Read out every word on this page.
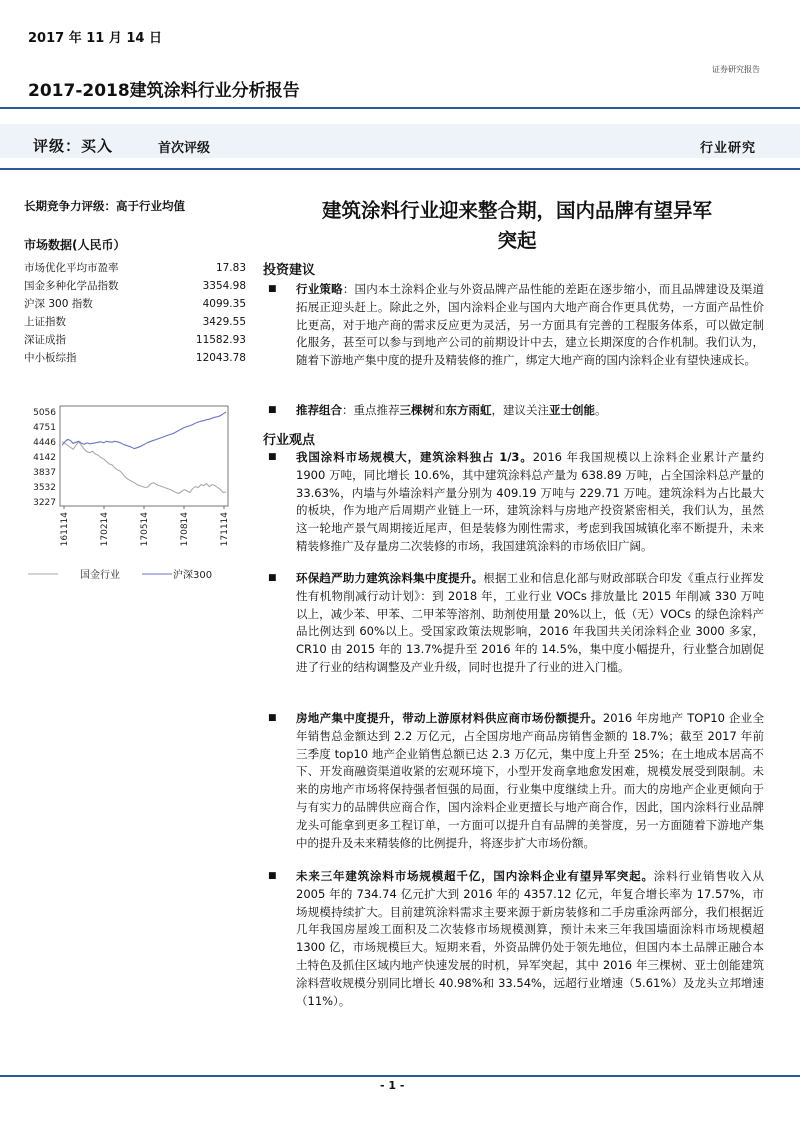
2017 年 11 月 14 日
证券研究报告
2017-2018建筑涂料行业分析报告
评级：买入	首次评级	行业研究
长期竞争力评级：高于行业均值
市场数据(人民币）
市场优化平均市盈率	17.83
国金多种化学品指数	3354.98
沪深 300 指数	4099.35
上证指数	3429.55
深证成指	11582.93
中小板综指	12043.78
5056
4751
4446
4142
3837
3532
3227
161114	170214	170514	170814	171114
国金行业	沪深300
建筑涂料行业迎来整合期，国内品牌有望异军
突起
投资建议
■	行业策略：国内本土涂料企业与外资品牌产品性能的差距在逐步缩小，而且品牌建设及渠道拓展正迎头赶上。除此之外，国内涂料企业与国内大地产商合作更具优势，一方面产品性价比更高，对于地产商的需求反应更为灵活，另一方面具有完善的工程服务体系，可以做定制化服务，甚至可以参与到地产公司的前期设计中去，建立长期深度的合作机制。我们认为，随着下游地产集中度的提升及精装修的推广，绑定大地产商的国内涂料企业有望快速成长。
■	推荐组合：重点推荐三棵树和东方雨虹，建议关注亚士创能。
行业观点
■	我国涂料市场规模大，建筑涂料独占 1/3。2016 年我国规模以上涂料企业累计产量约 1900 万吨，同比增长 10.6%，其中建筑涂料总产量为 638.89 万吨，占全国涂料总产量的 33.63%，内墙与外墙涂料产量分别为 409.19 万吨与 229.71 万吨。建筑涂料为占比最大的板块，作为地产后周期产业链上一环，建筑涂料与房地产投资紧密相关，我们认为，虽然这一轮地产景气周期接近尾声，但是装修为刚性需求，考虑到我国城镇化率不断提升，未来精装修推广及存量房二次装修的市场，我国建筑涂料的市场依旧广阔。
■	环保趋严助力建筑涂料集中度提升。根据工业和信息化部与财政部联合印发《重点行业挥发性有机物削减行动计划》：到 2018 年，工业行业 VOCs 排放量比 2015 年削减 330 万吨以上，减少苯、甲苯、二甲苯等溶剂、助剂使用量 20%以上，低（无）VOCs 的绿色涂料产品比例达到 60%以上。受国家政策法规影响，2016 年我国共关闭涂料企业 3000 多家，CR10 由 2015 年的 13.7%提升至 2016 年的 14.5%，集中度小幅提升，行业整合加剧促进了行业的结构调整及产业升级，同时也提升了行业的进入门槛。
■	房地产集中度提升，带动上游原材料供应商市场份额提升。2016 年房地产 TOP10 企业全年销售总金额达到 2.2 万亿元，占全国房地产商品房销售金额的 18.7%；截至 2017 年前三季度 top10 地产企业销售总额已达 2.3 万亿元，集中度上升至 25%；在土地成本居高不下、开发商融资渠道收紧的宏观环境下，小型开发商拿地愈发困难，规模发展受到限制。未来的房地产市场将保持强者恒强的局面，行业集中度继续上升。而大的房地产企业更倾向于与有实力的品牌供应商合作，国内涂料企业更擅长与地产商合作，因此，国内涂料行业品牌龙头可能拿到更多工程订单，一方面可以提升自有品牌的美誉度，另一方面随着下游地产集中的提升及未来精装修的比例提升，将逐步扩大市场份额。
■	未来三年建筑涂料市场规模超千亿，国内涂料企业有望异军突起。涂料行业销售收入从 2005 年的 734.74 亿元扩大到 2016 年的 4357.12 亿元，年复合增长率为 17.57%，市场规模持续扩大。目前建筑涂料需求主要来源于新房装修和二手房重涂两部分，我们根据近几年我国房屋竣工面积及二次装修市场规模测算，预计未来三年我国墙面涂料市场规模超 1300 亿，市场规模巨大。短期来看，外资品牌仍处于领先地位，但国内本土品牌正融合本土特色及抓住区域内地产快速发展的时机，异军突起，其中 2016 年三棵树、亚士创能建筑涂料营收规模分别同比增长 40.98%和 33.54%，远超行业增速（5.61%）及龙头立邦增速（11%）。
- 1 -
